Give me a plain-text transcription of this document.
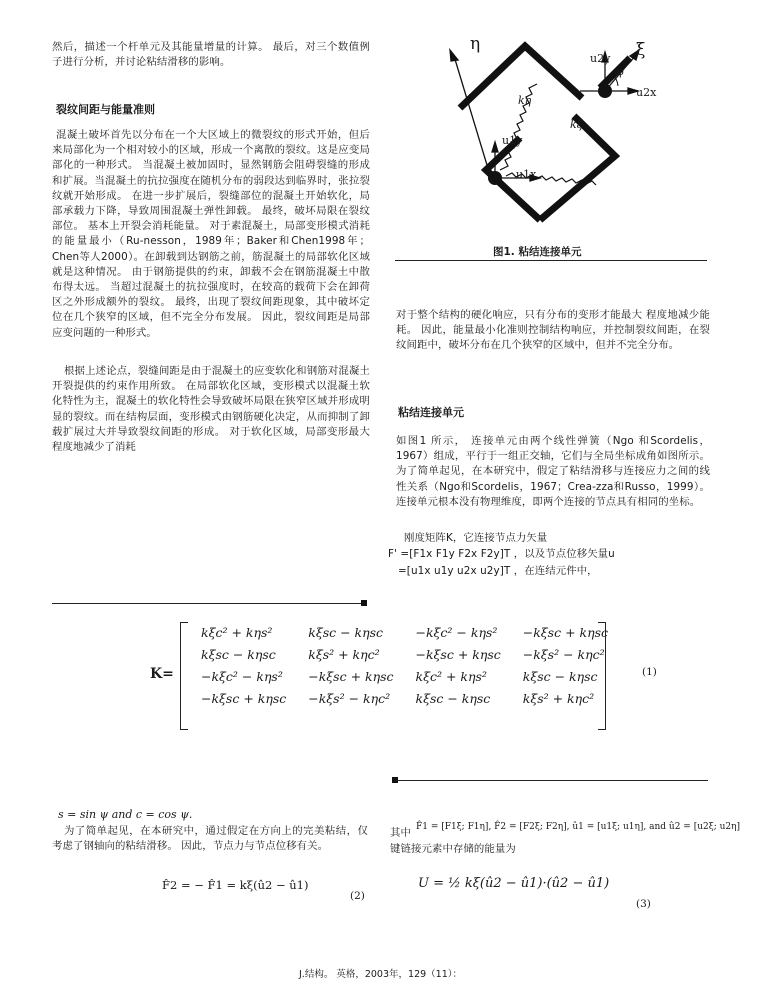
然后，描述一个杆单元及其能量增量的计算。 最后，对三个数值例子进行分析，并讨论粘结滑移的影响。

裂纹间距与能量准则

混凝土破坏首先以分布在一个大区域上的微裂纹的形式开始，但后来局部化为一个相对较小的区域，形成一个离散的裂纹。这是应变局部化的一种形式。 当混凝土被加固时，显然钢筋会阻碍裂缝的形成和扩展。当混凝土的抗拉强度在随机分布的弱段达到临界时，张拉裂纹就开始形成。 在进一步扩展后，裂缝部位的混凝土开始软化，局部承载力下降，导致周围混凝土弹性卸载。 最终，破坏局限在裂纹部位。 基本上开裂会消耗能量。 对于素混凝土，局部变形模式消耗的能量最小（Ru-nesson，1989年；Baker和Chen1998年；Chen等人2000）。在卸载到达钢筋之前，筋混凝土的局部软化区域就是这种情况。 由于钢筋提供的约束，卸载不会在钢筋混凝土中散布得太远。 当超过混凝土的抗拉强度时，在较高的载荷下会在卸荷区之外形成额外的裂纹。 最终，出现了裂纹间距现象，其中破坏定位在几个狭窄的区域，但不完全分布发展。 因此，裂纹间距是局部应变问题的一种形式。

根据上述论点，裂缝间距是由于混凝土的应变软化和钢筋对混凝土开裂提供的约束作用所致。 在局部软化区域，变形模式以混凝土软化特性为主，混凝土的软化特性会导致破坏局限在狭窄区域并形成明显的裂纹。而在结构层面，变形模式由钢筋硬化决定，从而抑制了卸载扩展过大并导致裂纹间距的形成。 对于软化区域，局部变形最大程度地减少了消耗

η	ξ
ψ
u2y
u2x
u1y
u1x
kη
kξ
图1. 粘结连接单元

对于整个结构的硬化响应，只有分布的变形才能最大 程度地减少能耗。 因此，能量最小化准则控制结构响应，并控制裂纹间距，在裂纹间距中，破坏分布在几个狭窄的区域中，但并不完全分布。

粘结连接单元

如图1 所示， 连接单元由两个线性弹簧（Ngo 和Scordelis，1967）组成，平行于一组正交轴，它们与全局坐标成角如图所示。 为了简单起见，在本研究中，假定了粘结滑移与连接应力之间的线性关系（Ngo和Scordelis，1967；Crea-zza和Russo，1999）。 连接单元根本没有物理维度，即两个连接的节点具有相同的坐标。

刚度矩阵K，它连接节点力矢量
F' =[F1x F1y F2x F2y]T ，以及节点位移矢量u
=[u1x u1y u2x u2y]T ，在连结元件中，
K=
kξc² + kηs²	kξsc − kηsc	−kξc² − kηs²	−kξsc + kηsc
kξsc − kηsc	kξs² + kηc²	−kξsc + kηsc	−kξs² − kηc²
−kξc² − kηs²	−kξsc + kηsc	kξc² + kηs²	kξsc − kηsc
−kξsc + kηsc	−kξs² − kηc²	kξsc − kηsc	kξs² + kηc²
(1)
s = sin ψ and c = cos ψ.

为了简单起见，在本研究中，通过假定在方向上的完美粘结，仅考虑了钢轴向的粘结滑移。 因此，节点力与节点位移有关。

F̂2 = − F̂1 = kξ(û2 − û1)
(2)
其中 F̂1 = [F1ξ; F1η], F̂2 = [F2ξ; F2η], û1 = [u1ξ; u1η], and û2 = [u2ξ; u2η]
键链接元素中存储的能量为
U = ½ kξ(û2 − û1)·(û2 − û1)
(3)
J.结构。 英格，2003年，129（11）：
